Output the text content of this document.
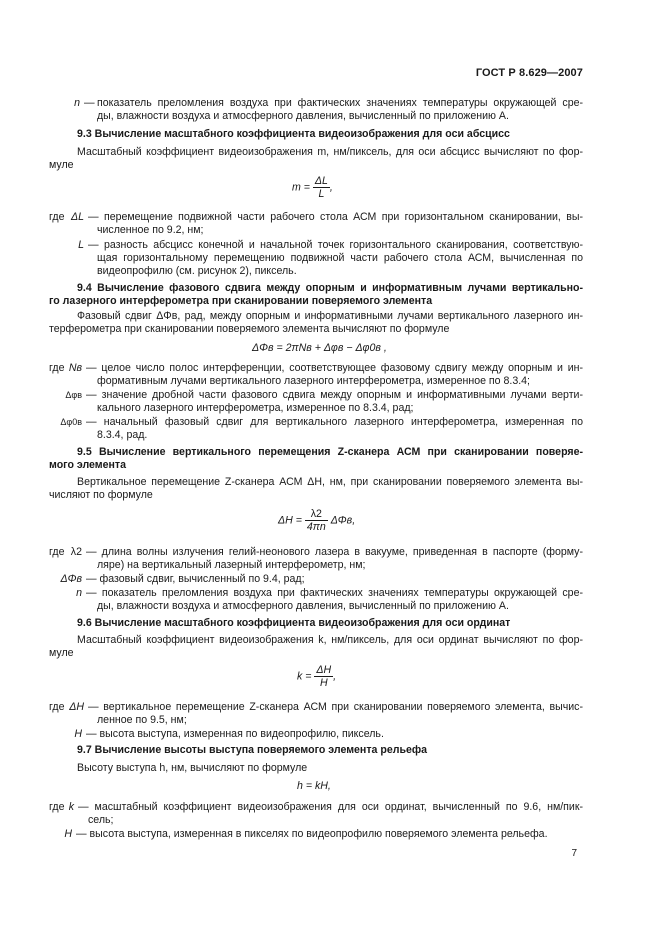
ГОСТ Р 8.629—2007
n — показатель преломления воздуха при фактических значениях температуры окружающей сре-
ды, влажности воздуха и атмосферного давления, вычисленный по приложению А.
9.3 Вычисление масштабного коэффициента видеоизображения для оси абсцисс
Масштабный коэффициент видеоизображения m, нм/пиксель, для оси абсцисс вычисляют по фор-
муле
$m = \frac{\Delta L}{L}$ ,
где ΔL — перемещение подвижной части рабочего стола АСМ при горизонтальном сканировании, вы-
численное по 9.2, нм;
L — разность абсцисс конечной и начальной точек горизонтального сканирования, соответствую-
щая горизонтальному перемещению подвижной части рабочего стола АСМ, вычисленная по
видеопрофилю (см. рисунок 2), пиксель.
9.4 Вычисление фазового сдвига между опорным и информативным лучами вертикально-
го лазерного интерферометра при сканировании поверяемого элемента
Фазовый сдвиг ΔΦв, рад, между опорным и информативными лучами вертикального лазерного ин-
терферометра при сканировании поверяемого элемента вычисляют по формуле
ΔΦв = 2πNв + Δφв − Δφ0в ,
где Nв — целое число полос интерференции, соответствующее фазовому сдвигу между опорным и ин-
формативным лучами вертикального лазерного интерферометра, измеренное по 8.3.4;
Δφв — значение дробной части фазового сдвига между опорным и информативными лучами верти-
кального лазерного интерферометра, измеренное по 8.3.4, рад;
Δφ0в — начальный фазовый сдвиг для вертикального лазерного интерферометра, измеренная по
8.3.4, рад.
9.5 Вычисление вертикального перемещения Z-сканера АСМ при сканировании поверяе-
мого элемента
Вертикальное перемещение Z-сканера АСМ ΔH, нм, при сканировании поверяемого элемента вы-
числяют по формуле
$\Delta H = \frac{\lambda 2}{4\pi n} \Delta\Phi в$,
где λ2 — длина волны излучения гелий-неонового лазера в вакууме, приведенная в паспорте (форму-
ляре) на вертикальный лазерный интерферометр, нм;
ΔΦв — фазовый сдвиг, вычисленный по 9.4, рад;
n — показатель преломления воздуха при фактических значениях температуры окружающей сре-
ды, влажности воздуха и атмосферного давления, вычисленный по приложению А.
9.6 Вычисление масштабного коэффициента видеоизображения для оси ординат
Масштабный коэффициент видеоизображения k, нм/пиксель, для оси ординат вычисляют по фор-
муле
$k = \frac{\Delta H}{H}$ ,
где ΔH — вертикальное перемещение Z-сканера АСМ при сканировании поверяемого элемента, вычис-
ленное по 9.5, нм;
H — высота выступа, измеренная по видеопрофилю, пиксель.
9.7 Вычисление высоты выступа поверяемого элемента рельефа
Высоту выступа h, нм, вычисляют по формуле
h = kH,
где k — масштабный коэффициент видеоизображения для оси ординат, вычисленный по 9.6, нм/пик-
сель;
H — высота выступа, измеренная в пикселях по видеопрофилю поверяемого элемента рельефа.
7
